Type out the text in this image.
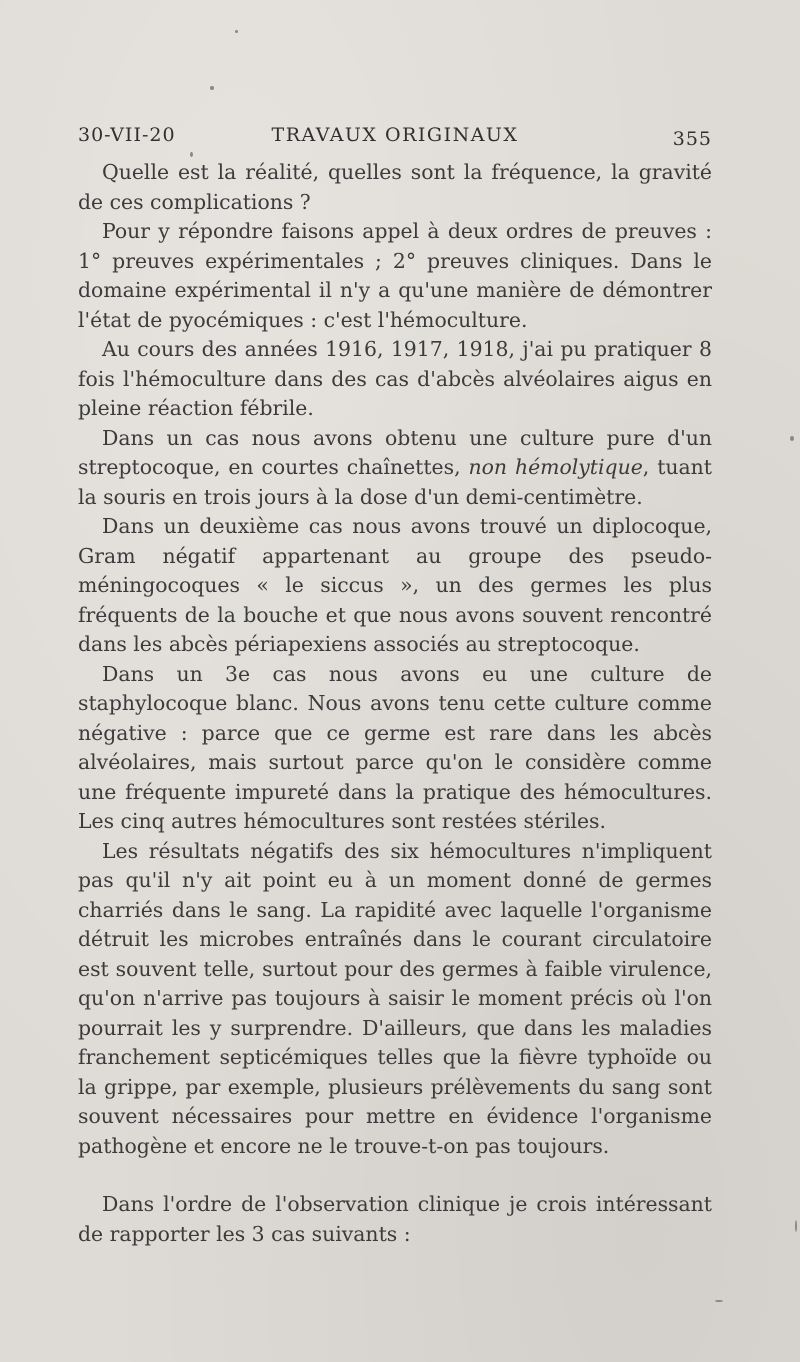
30-VII-20	TRAVAUX ORIGINAUX	355

Quelle est la réalité, quelles sont la fréquence, la gravité de ces complications ?

Pour y répondre faisons appel à deux ordres de preuves : 1° preuves expérimentales ; 2° preuves cliniques. Dans le domaine expérimental il n'y a qu'une manière de démontrer l'état de pyocémiques : c'est l'hémoculture.

Au cours des années 1916, 1917, 1918, j'ai pu pratiquer 8 fois l'hémoculture dans des cas d'abcès alvéolaires aigus en pleine réaction fébrile.

Dans un cas nous avons obtenu une culture pure d'un streptocoque, en courtes chaînettes, non hémolytique, tuant la souris en trois jours à la dose d'un demi-centimètre.

Dans un deuxième cas nous avons trouvé un diplocoque, Gram négatif appartenant au groupe des pseudo-méningocoques « le siccus », un des germes les plus fréquents de la bouche et que nous avons souvent rencontré dans les abcès périapexiens associés au streptocoque.

Dans un 3e cas nous avons eu une culture de staphylocoque blanc. Nous avons tenu cette culture comme négative : parce que ce germe est rare dans les abcès alvéolaires, mais surtout parce qu'on le considère comme une fréquente impureté dans la pratique des hémocultures. Les cinq autres hémocultures sont restées stériles.

Les résultats négatifs des six hémocultures n'impliquent pas qu'il n'y ait point eu à un moment donné de germes charriés dans le sang. La rapidité avec laquelle l'organisme détruit les microbes entraînés dans le courant circulatoire est souvent telle, surtout pour des germes à faible virulence, qu'on n'arrive pas toujours à saisir le moment précis où l'on pourrait les y surprendre. D'ailleurs, que dans les maladies franchement septicémiques telles que la fièvre typhoïde ou la grippe, par exemple, plusieurs prélèvements du sang sont souvent nécessaires pour mettre en évidence l'organisme pathogène et encore ne le trouve-t-on pas toujours.

Dans l'ordre de l'observation clinique je crois intéressant de rapporter les 3 cas suivants :
